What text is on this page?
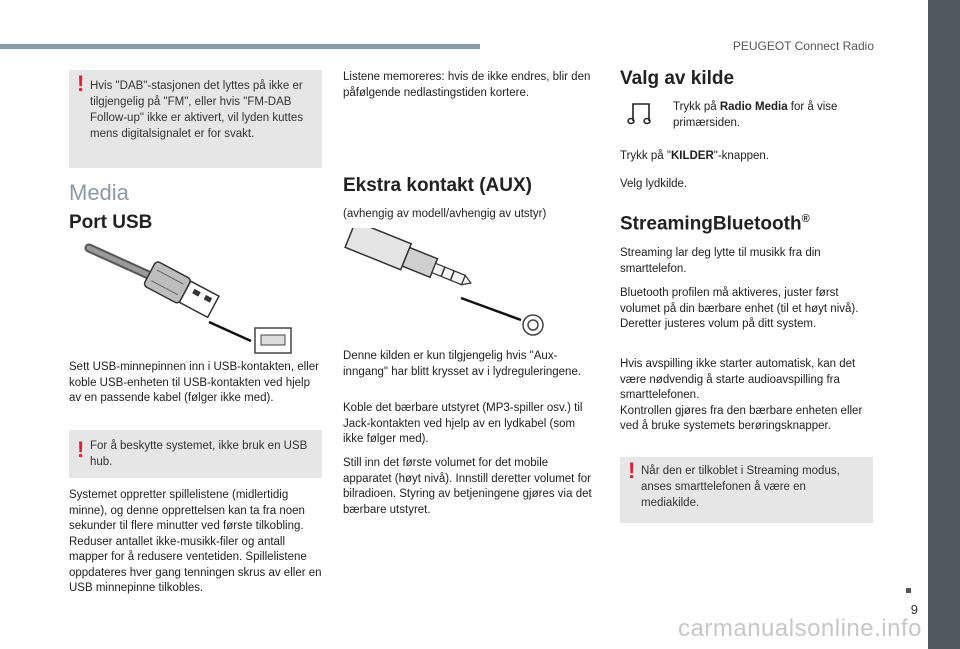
PEUGEOT Connect Radio
9
! Hvis "DAB"-stasjonen det lyttes på ikke er tilgjengelig på "FM", eller hvis "FM-DAB Follow-up" ikke er aktivert, vil lyden kuttes mens digitalsignalet er for svakt.
Media
Port USB
Sett USB-minnepinnen inn i USB-kontakten, eller koble USB-enheten til USB-kontakten ved hjelp av en passende kabel (følger ikke med).
! For å beskytte systemet, ikke bruk en USB hub.
Systemet oppretter spillelistene (midlertidig minne), og denne opprettelsen kan ta fra noen sekunder til flere minutter ved første tilkobling. Reduser antallet ikke-musikk-filer og antall mapper for å redusere ventetiden. Spillelistene oppdateres hver gang tenningen skrus av eller en USB minnepinne tilkobles.
Listene memoreres: hvis de ikke endres, blir den påfølgende nedlastingstiden kortere.
Ekstra kontakt (AUX)
(avhengig av modell/avhengig av utstyr)
Denne kilden er kun tilgjengelig hvis "Aux-inngang" har blitt krysset av i lydreguleringene.
Koble det bærbare utstyret (MP3-spiller osv.) til Jack-kontakten ved hjelp av en lydkabel (som ikke følger med).
Still inn det første volumet for det mobile apparatet (høyt nivå). Innstill deretter volumet for bilradioen. Styring av betjeningene gjøres via det bærbare utstyret.
Valg av kilde
Trykk på Radio Media for å vise primærsiden.
Trykk på "KILDER"-knappen.
Velg lydkilde.
StreamingBluetooth®
Streaming lar deg lytte til musikk fra din smarttelefon.
Bluetooth profilen må aktiveres, juster først volumet på din bærbare enhet (til et høyt nivå). Deretter justeres volum på ditt system.
Hvis avspilling ikke starter automatisk, kan det være nødvendig å starte audioavspilling fra smarttelefonen.
Kontrollen gjøres fra den bærbare enheten eller ved å bruke systemets berøringsknapper.
! Når den er tilkoblet i Streaming modus, anses smarttelefonen å være en mediakilde.
carmanualsonline.info
